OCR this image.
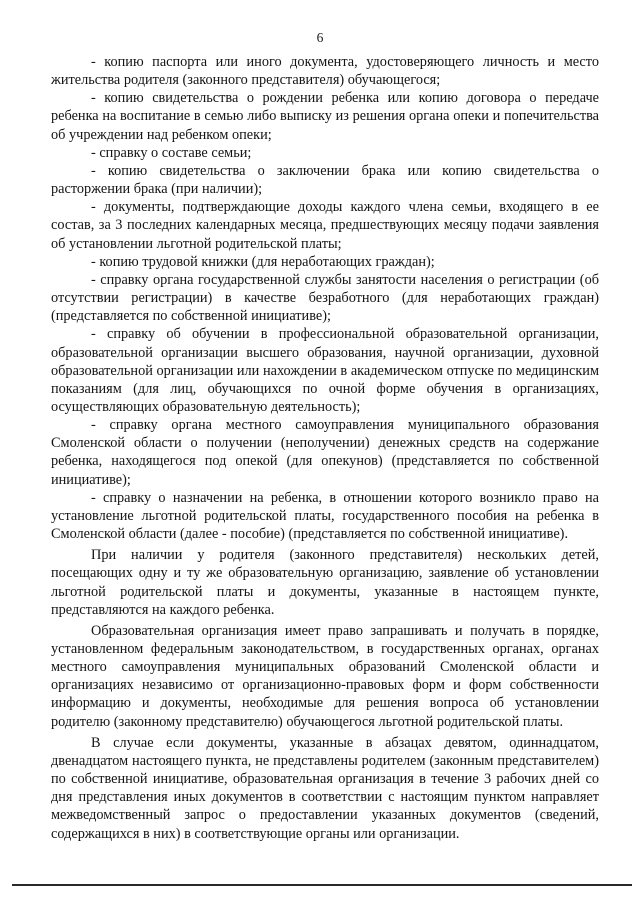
6

- копию паспорта или иного документа, удостоверяющего личность и место жительства родителя (законного представителя) обучающегося;

- копию свидетельства о рождении ребенка или копию договора о передаче ребенка на воспитание в семью либо выписку из решения органа опеки и попечительства об учреждении над ребенком опеки;

- справку о составе семьи;

- копию свидетельства о заключении брака или копию свидетельства о расторжении брака (при наличии);

- документы, подтверждающие доходы каждого члена семьи, входящего в ее состав, за 3 последних календарных месяца, предшествующих месяцу подачи заявления об установлении льготной родительской платы;

- копию трудовой книжки (для неработающих граждан);

- справку органа государственной службы занятости населения о регистрации (об отсутствии регистрации) в качестве безработного (для неработающих граждан) (представляется по собственной инициативе);

- справку об обучении в профессиональной образовательной организации, образовательной организации высшего образования, научной организации, духовной образовательной организации или нахождении в академическом отпуске по медицинским показаниям (для лиц, обучающихся по очной форме обучения в организациях, осуществляющих образовательную деятельность);

- справку органа местного самоуправления муниципального образования Смоленской области о получении (неполучении) денежных средств на содержание ребенка, находящегося под опекой (для опекунов) (представляется по собственной инициативе);

- справку о назначении на ребенка, в отношении которого возникло право на установление льготной родительской платы, государственного пособия на ребенка в Смоленской области (далее - пособие) (представляется по собственной инициативе).

При наличии у родителя (законного представителя) нескольких детей, посещающих одну и ту же образовательную организацию, заявление об установлении льготной родительской платы и документы, указанные в настоящем пункте, представляются на каждого ребенка.

Образовательная организация имеет право запрашивать и получать в порядке, установленном федеральным законодательством, в государственных органах, органах местного самоуправления муниципальных образований Смоленской области и организациях независимо от организационно-правовых форм и форм собственности информацию и документы, необходимые для решения вопроса об установлении родителю (законному представителю) обучающегося льготной родительской платы.

В случае если документы, указанные в абзацах девятом, одиннадцатом, двенадцатом настоящего пункта, не представлены родителем (законным представителем) по собственной инициативе, образовательная организация в течение 3 рабочих дней со дня представления иных документов в соответствии с настоящим пунктом направляет межведомственный запрос о предоставлении указанных документов (сведений, содержащихся в них) в соответствующие органы или организации.
